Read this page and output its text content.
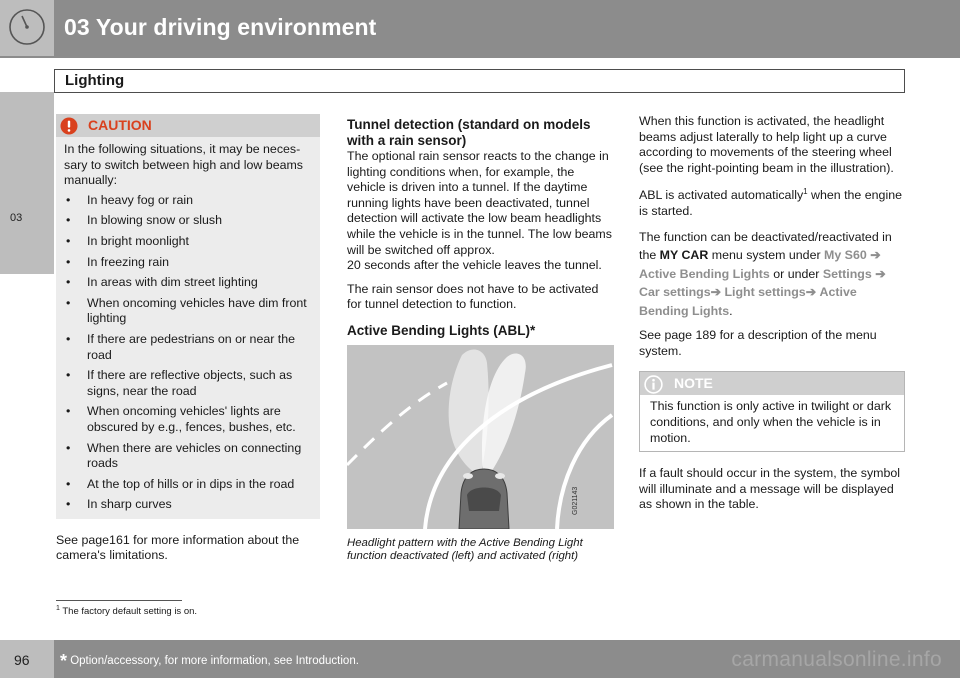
03 Your driving environment
Lighting
03
CAUTION
In the following situations, it may be neces-sary to switch between high and low beams manually:
• In heavy fog or rain
• In blowing snow or slush
• In bright moonlight
• In freezing rain
• In areas with dim street lighting
• When oncoming vehicles have dim front lighting
• If there are pedestrians on or near the road
• If there are reflective objects, such as signs, near the road
• When oncoming vehicles' lights are obscured by e.g., fences, bushes, etc.
• When there are vehicles on connecting roads
• At the top of hills or in dips in the road
• In sharp curves

See page161 for more information about the camera's limitations.

Tunnel detection (standard on models with a rain sensor)
The optional rain sensor reacts to the change in lighting conditions when, for example, the vehicle is driven into a tunnel. If the daytime running lights have been deactivated, tunnel detection will activate the low beam headlights while the vehicle is in the tunnel. The low beams will be switched off approx.

20 seconds after the vehicle leaves the tunnel.

The rain sensor does not have to be activated for tunnel detection to function.

Active Bending Lights (ABL)*
G021143
Headlight pattern with the Active Bending Light function deactivated (left) and activated (right)

When this function is activated, the headlight beams adjust laterally to help light up a curve according to movements of the steering wheel (see the right-pointing beam in the illustration).

ABL is activated automatically$^1$ when the engine is started.

The function can be deactivated/reactivated in the MY CAR menu system under My S60 ➔
Active Bending Lights or under Settings ➔
Car settings➔ Light settings➔ Active Bending Lights.

See page 189 for a description of the menu system.

NOTE
This function is only active in twilight or dark conditions, and only when the vehicle is in motion.

If a fault should occur in the system, the symbol will illuminate and a message will be displayed as shown in the table.

$^1$ The factory default setting is on.
96 * Option/accessory, for more information, see Introduction.	carmanualsonline.info
